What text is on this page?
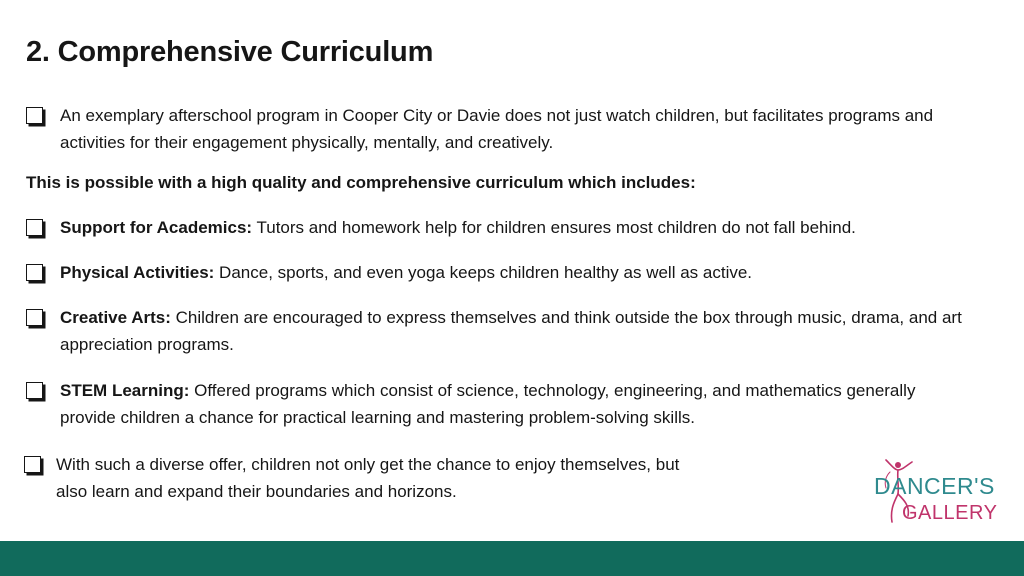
2. Comprehensive Curriculum
An exemplary afterschool program in Cooper City or Davie does not just watch children, but facilitates programs and activities for their engagement physically, mentally, and creatively.
This is possible with a high quality and comprehensive curriculum which includes:
Support for Academics: Tutors and homework help for children ensures most children do not fall behind.
Physical Activities: Dance, sports, and even yoga keeps children healthy as well as active.
Creative Arts: Children are encouraged to express themselves and think outside the box through music, drama, and art appreciation programs.
STEM Learning: Offered programs which consist of science, technology, engineering, and mathematics generally provide children a chance for practical learning and mastering problem-solving skills.
With such a diverse offer, children not only get the chance to enjoy themselves, but
also learn and expand their boundaries and horizons.	DANCER'S
GALLERY
